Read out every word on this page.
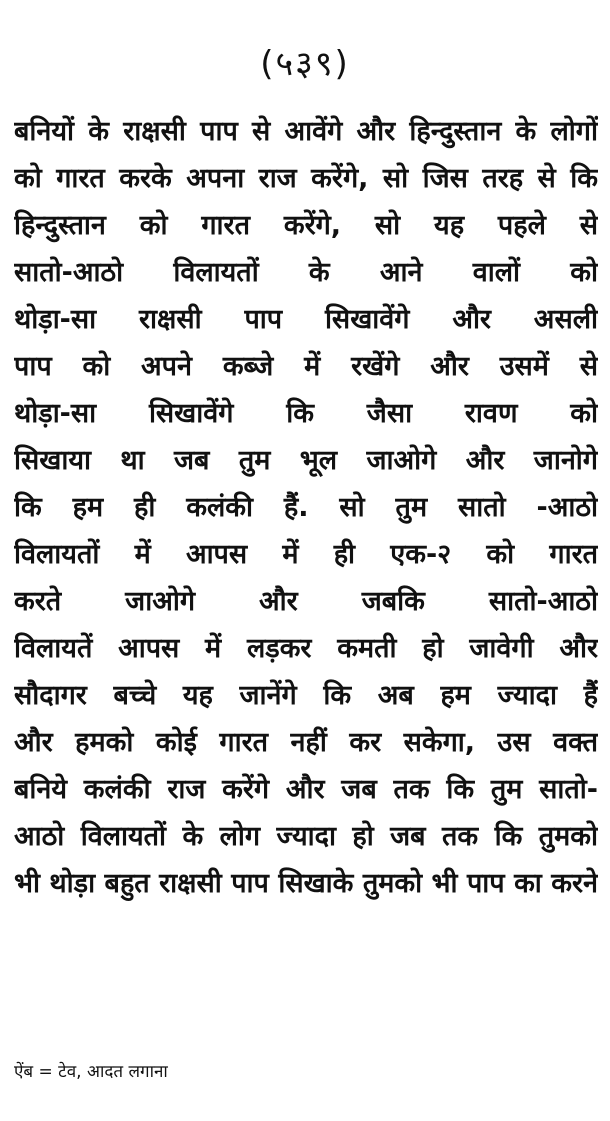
(५३९)
बनियों के राक्षसी पाप से आवेंगे और हिन्दुस्तान के लोगों
को गारत करके अपना राज करेंगे, सो जिस तरह से कि
हिन्दुस्तान को गारत करेंगे, सो यह पहले से
सातो-आठो विलायतों के आने वालों को
थोड़ा-सा राक्षसी पाप सिखावेंगे और असली
पाप को अपने कब्जे में रखेंगे और उसमें से
थोड़ा-सा सिखावेंगे कि जैसा रावण को
सिखाया था जब तुम भूल जाओगे और जानोगे
कि हम ही कलंकी हैं. सो तुम सातो -आठो
विलायतों में आपस में ही एक-२ को गारत
करते जाओगे और जबकि सातो-आठो
विलायतें आपस में लड़कर कमती हो जावेगी और
सौदागर बच्चे यह जानेंगे कि अब हम ज्यादा हैं
और हमको कोई गारत नहीं कर सकेगा, उस वक्त
बनिये कलंकी राज करेंगे और जब तक कि तुम सातो-
आठो विलायतों के लोग ज्यादा हो जब तक कि तुमको
भी थोड़ा बहुत राक्षसी पाप सिखाके तुमको भी पाप का करने
ऐंब = टेव, आदत लगाना
